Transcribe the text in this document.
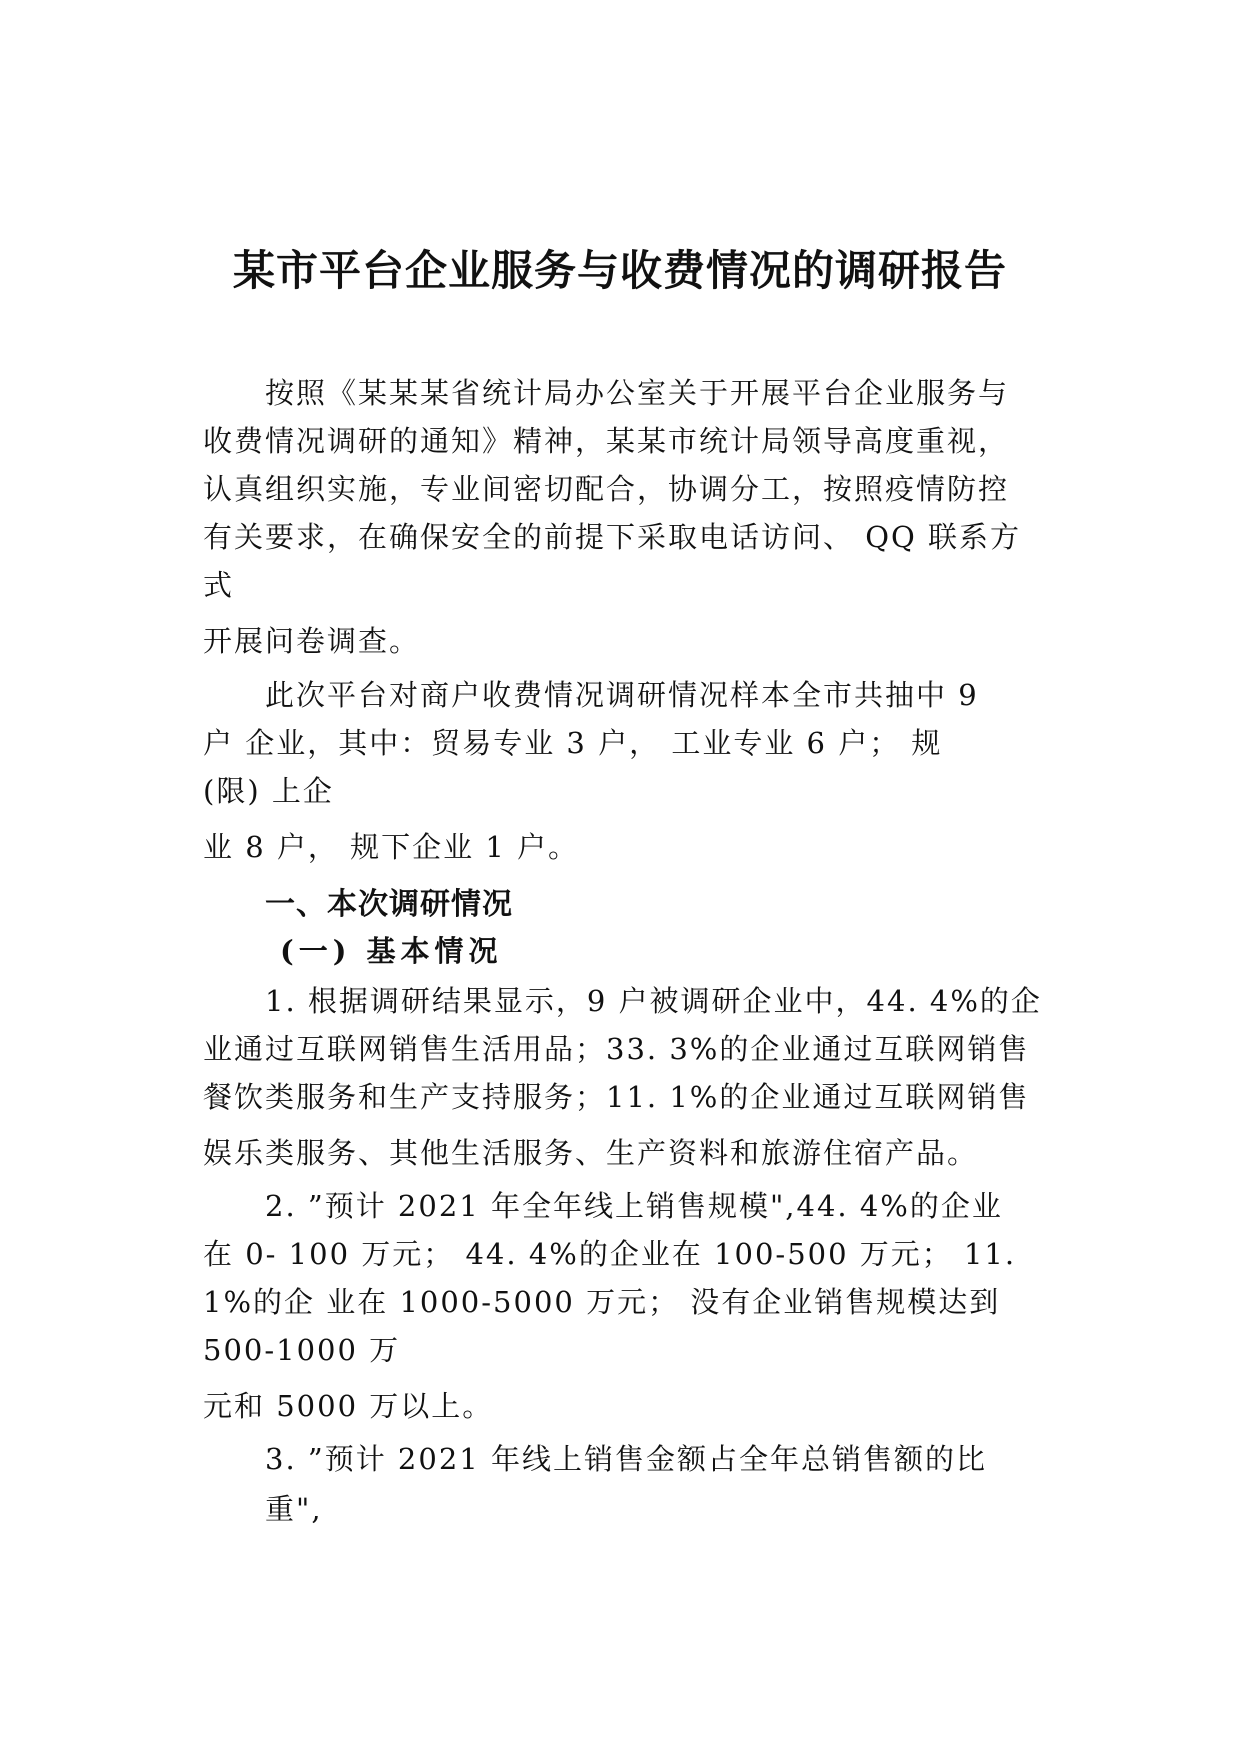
某市平台企业服务与收费情况的调研报告
按照《某某某省统计局办公室关于开展平台企业服务与
收费情况调研的通知》精神，某某市统计局领导高度重视，
认真组织实施，专业间密切配合，协调分工，按照疫情防控
有关要求，在确保安全的前提下采取电话访问、 QQ 联系方
式
开展问卷调查。
此次平台对商户收费情况调研情况样本全市共抽中 9
户 企业，其中：贸易专业 3 户， 工业专业 6 户； 规
(限) 上企
业 8 户， 规下企业 1 户。
一、本次调研情况
(一) 基本情况
1. 根据调研结果显示，9 户被调研企业中，44. 4%的企
业通过互联网销售生活用品；33. 3%的企业通过互联网销售
餐饮类服务和生产支持服务；11. 1%的企业通过互联网销售
娱乐类服务、其他生活服务、生产资料和旅游住宿产品。
2. ”预计 2021 年全年线上销售规模",44. 4%的企业
在 0- 100 万元； 44. 4%的企业在 100-500 万元； 11.
1%的企 业在 1000-5000 万元； 没有企业销售规模达到
500-1000 万
元和 5000 万以上。
3. ”预计 2021 年线上销售金额占全年总销售额的比
重",
